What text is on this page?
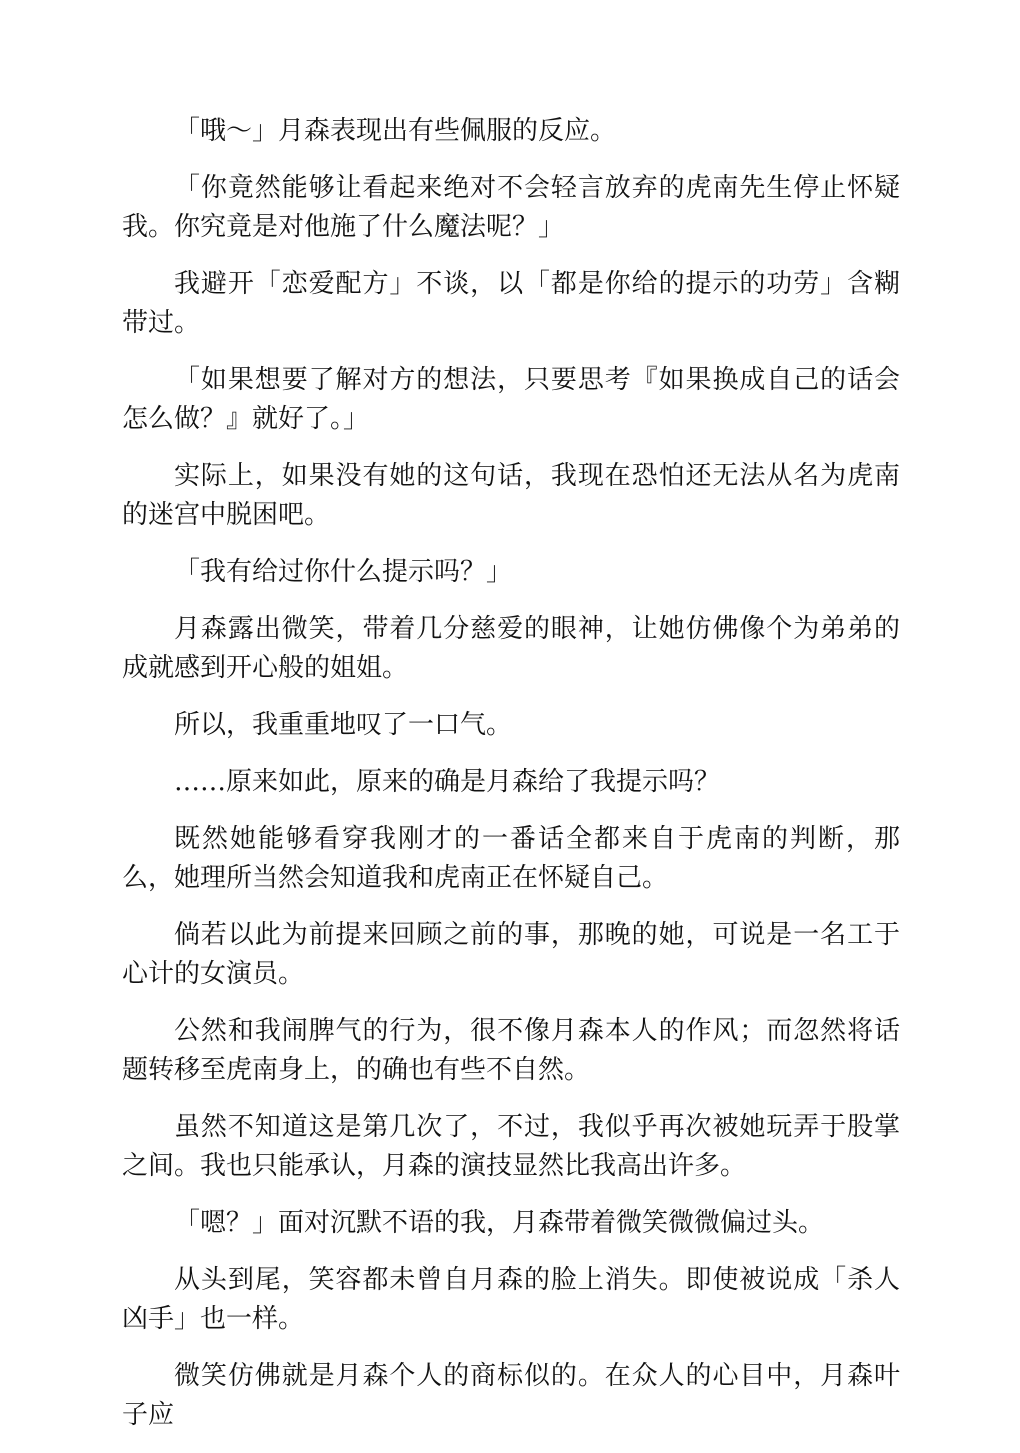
「哦～」月森表现出有些佩服的反应。

「你竟然能够让看起来绝对不会轻言放弃的虎南先生停止怀疑我。你究竟是对他施了什么魔法呢？」

我避开「恋爱配方」不谈，以「都是你给的提示的功劳」含糊带过。

「如果想要了解对方的想法，只要思考『如果换成自己的话会怎么做？』就好了。」

实际上，如果没有她的这句话，我现在恐怕还无法从名为虎南的迷宫中脱困吧。

「我有给过你什么提示吗？」

月森露出微笑，带着几分慈爱的眼神，让她仿佛像个为弟弟的成就感到开心般的姐姐。

所以，我重重地叹了一口气。

……原来如此，原来的确是月森给了我提示吗？

既然她能够看穿我刚才的一番话全都来自于虎南的判断，那么，她理所当然会知道我和虎南正在怀疑自己。

倘若以此为前提来回顾之前的事，那晚的她，可说是一名工于心计的女演员。

公然和我闹脾气的行为，很不像月森本人的作风；而忽然将话题转移至虎南身上，的确也有些不自然。

虽然不知道这是第几次了，不过，我似乎再次被她玩弄于股掌之间。我也只能承认，月森的演技显然比我高出许多。

「嗯？」面对沉默不语的我，月森带着微笑微微偏过头。

从头到尾，笑容都未曾自月森的脸上消失。即使被说成「杀人凶手」也一样。

微笑仿佛就是月森个人的商标似的。在众人的心目中，月森叶子应
